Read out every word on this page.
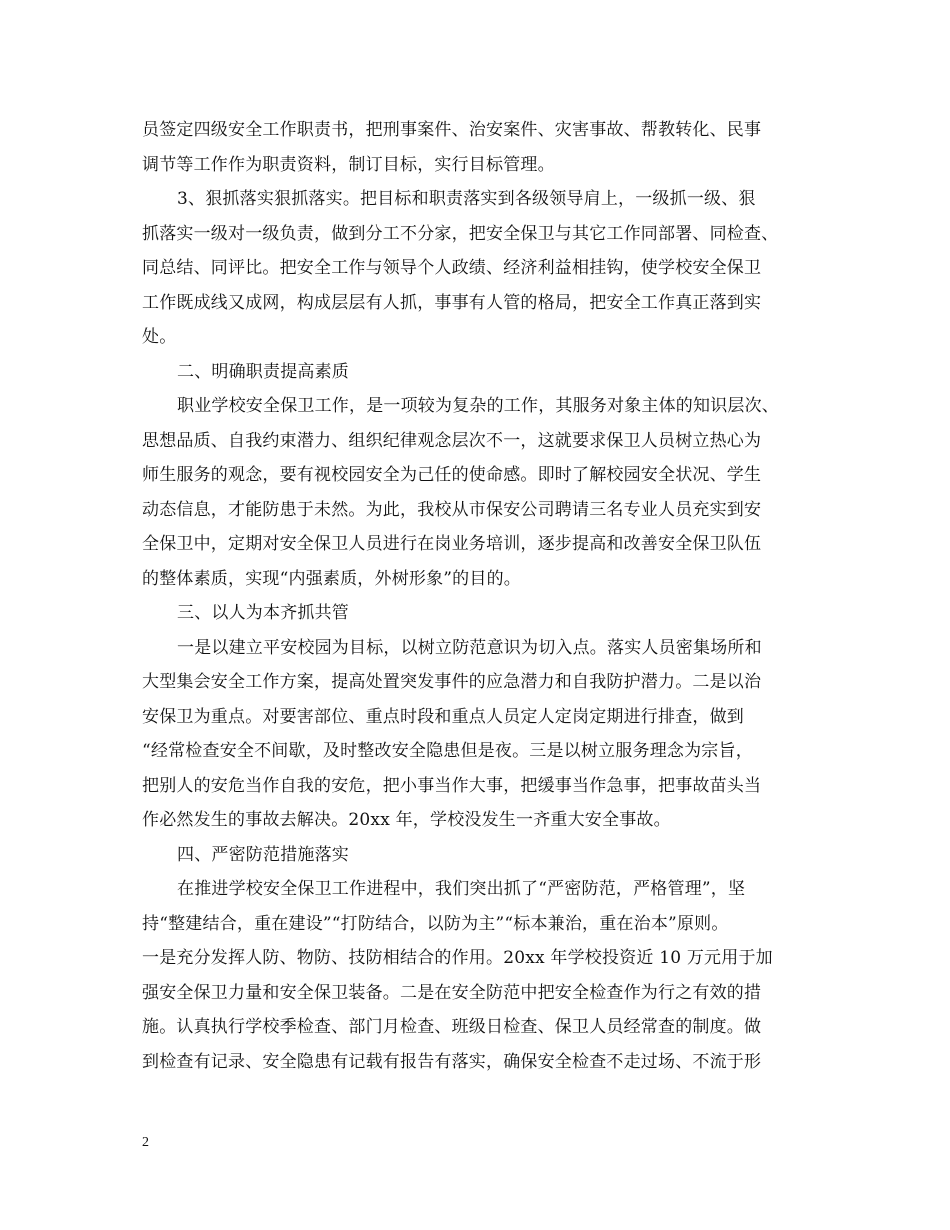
员签定四级安全工作职责书，把刑事案件、治安案件、灾害事故、帮教转化、民事
调节等工作作为职责资料，制订目标，实行目标管理。
3、狠抓落实狠抓落实。把目标和职责落实到各级领导肩上，一级抓一级、狠
抓落实一级对一级负责，做到分工不分家，把安全保卫与其它工作同部署、同检查、
同总结、同评比。把安全工作与领导个人政绩、经济利益相挂钩，使学校安全保卫
工作既成线又成网，构成层层有人抓，事事有人管的格局，把安全工作真正落到实
处。
二、明确职责提高素质
职业学校安全保卫工作，是一项较为复杂的工作，其服务对象主体的知识层次、
思想品质、自我约束潜力、组织纪律观念层次不一，这就要求保卫人员树立热心为
师生服务的观念，要有视校园安全为己任的使命感。即时了解校园安全状况、学生
动态信息，才能防患于未然。为此，我校从市保安公司聘请三名专业人员充实到安
全保卫中，定期对安全保卫人员进行在岗业务培训，逐步提高和改善安全保卫队伍
的整体素质，实现“内强素质，外树形象”的目的。
三、以人为本齐抓共管
一是以建立平安校园为目标，以树立防范意识为切入点。落实人员密集场所和
大型集会安全工作方案，提高处置突发事件的应急潜力和自我防护潜力。二是以治
安保卫为重点。对要害部位、重点时段和重点人员定人定岗定期进行排查，做到
“经常检查安全不间歇，及时整改安全隐患但是夜。三是以树立服务理念为宗旨，
把别人的安危当作自我的安危，把小事当作大事，把缓事当作急事，把事故苗头当
作必然发生的事故去解决。20xx 年，学校没发生一齐重大安全事故。
四、严密防范措施落实
在推进学校安全保卫工作进程中，我们突出抓了“严密防范，严格管理”，坚
持“整建结合，重在建设”“打防结合，以防为主”“标本兼治，重在治本”原则。
一是充分发挥人防、物防、技防相结合的作用。20xx 年学校投资近 10 万元用于加
强安全保卫力量和安全保卫装备。二是在安全防范中把安全检查作为行之有效的措
施。认真执行学校季检查、部门月检查、班级日检查、保卫人员经常查的制度。做
到检查有记录、安全隐患有记载有报告有落实，确保安全检查不走过场、不流于形
2
